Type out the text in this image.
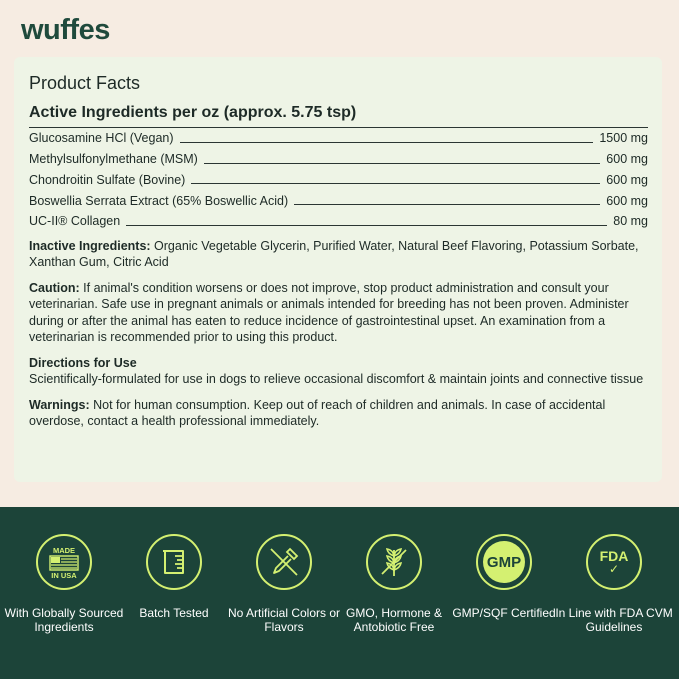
wuffes
Product Facts
Active Ingredients per oz (approx. 5.75 tsp)
Glucosamine HCl (Vegan)	1500 mg
Methylsulfonylmethane (MSM)	600 mg
Chondroitin Sulfate (Bovine)	600 mg
Boswellia Serrata Extract (65% Boswellic Acid)	600 mg
UC-II® Collagen	80 mg

Inactive Ingredients: Organic Vegetable Glycerin, Purified Water, Natural Beef Flavoring, Potassium Sorbate, Xanthan Gum, Citric Acid

Caution: If animal's condition worsens or does not improve, stop product administration and consult your veterinarian. Safe use in pregnant animals or animals intended for breeding has not been proven. Administer during or after the animal has eaten to reduce incidence of gastrointestinal upset. An examination from a veterinarian is recommended prior to using this product.

Directions for Use

Scientifically-formulated for use in dogs to relieve occasional discomfort & maintain joints and connective tissue

Warnings: Not for human consumption. Keep out of reach of children and animals. In case of accidental overdose, contact a health professional immediately.

MADE
IN USA
With Globally Sourced Ingredients
Batch Tested	No Artificial Colors or Flavors
GMO, Hormone & Antobiotic Free
GMP
GMP/SQF Certified
FDA
✓
In Line with FDA CVM Guidelines
